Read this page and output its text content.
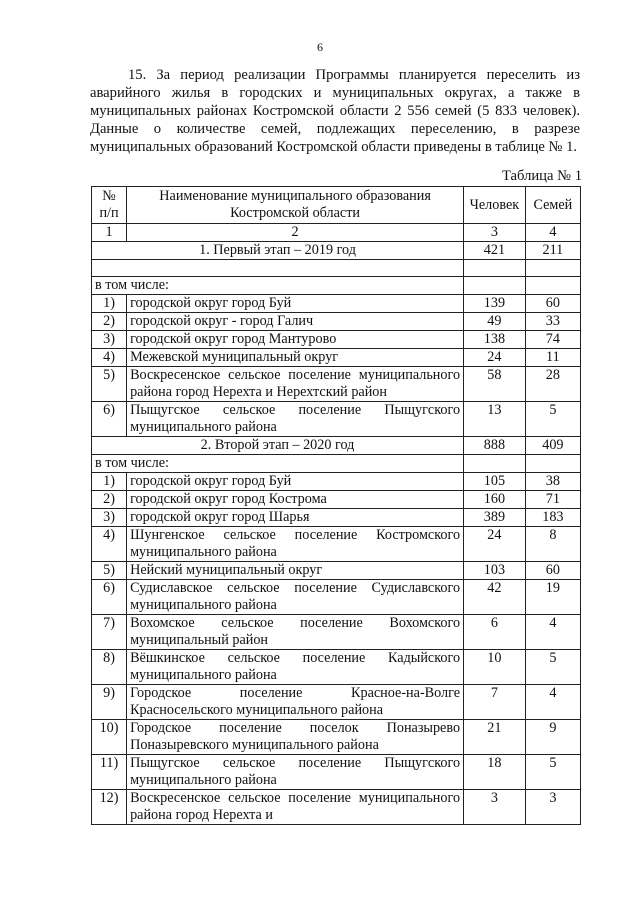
6

15. За период реализации Программы планируется переселить из аварийного жилья в городских и муниципальных округах, а также в муниципальных районах Костромской области 2 556 семей (5 833 человек). Данные о количестве семей, подлежащих переселению, в разрезе муниципальных образований Костромской области приведены в таблице № 1.

Таблица № 1
№ п/п	Наименование муниципального образования Костромской области	Человек	Семей
1	2	3	4
1. Первый этап – 2019 год		421	211

в том числе:			
1)	городской округ город Буй	139	60
2)	городской округ - город Галич	49	33
3)	городской округ город Мантурово	138	74
4)	Межевской муниципальный округ	24	11
5)	Воскресенское сельское поселение муниципального района город Нерехта и Нерехтский район	58	28
6)	Пыщугское сельское поселение Пыщугского муниципального района	13	5
2. Второй этап – 2020 год		888	409
в том числе:			
1)	городской округ город Буй	105	38
2)	городской округ город Кострома	160	71
3)	городской округ город Шарья	389	183
4)	Шунгенское сельское поселение Костромского муниципального района	24	8
5)	Нейский муниципальный округ	103	60
6)	Судиславское сельское поселение Судиславского муниципального района	42	19
7)	Вохомское сельское поселение Вохомского муниципальный район	6	4
8)	Вёшкинское сельское поселение Кадыйского муниципального района	10	5
9)	Городское поселение Красное-на-Волге Красносельского муниципального района	7	4
10)	Городское поселение поселок Поназырево Поназыревского муниципального района	21	9
11)	Пыщугское сельское поселение Пыщугского муниципального района	18	5
12)	Воскресенское сельское поселение муниципального района город Нерехта и	3	3
